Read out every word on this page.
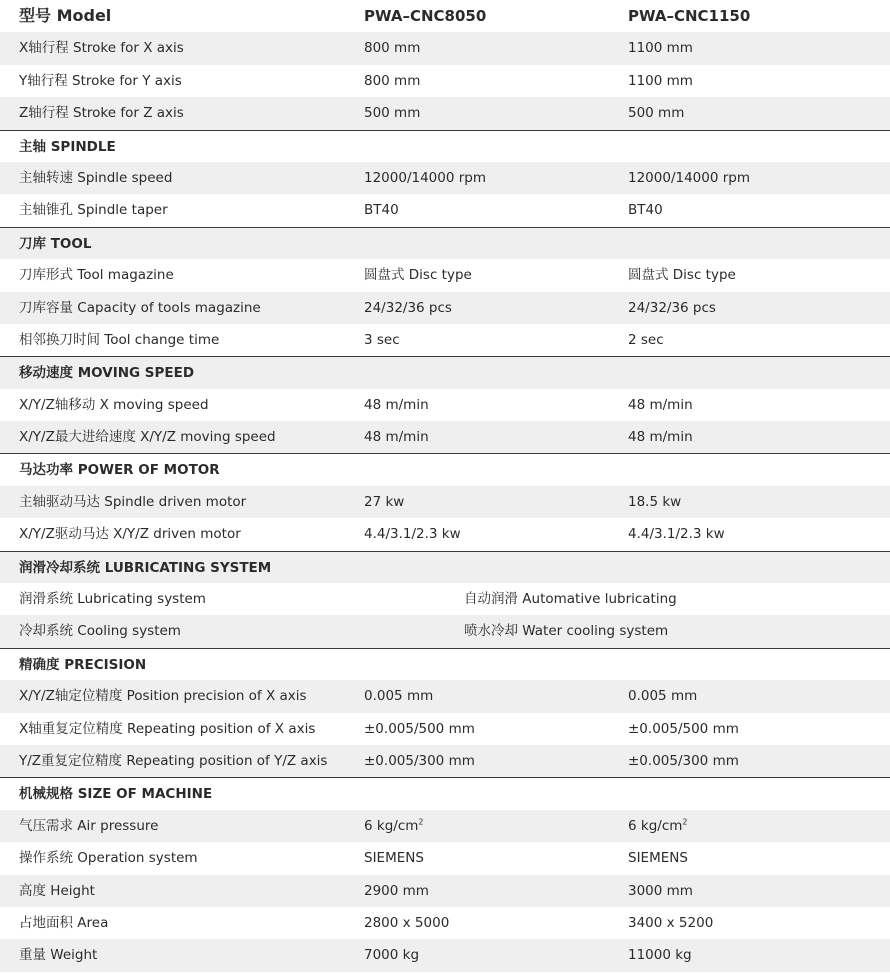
型号 Model	PWA–CNC8050	PWA–CNC1150
X轴行程 Stroke for X axis	800 mm	1100 mm
Y轴行程 Stroke for Y axis	800 mm	1100 mm
Z轴行程 Stroke for Z axis	500 mm	500 mm
主轴 SPINDLE
主轴转速 Spindle speed	12000/14000 rpm	12000/14000 rpm
主轴锥孔 Spindle taper	BT40	BT40
刀库 TOOL
刀库形式 Tool magazine	圆盘式 Disc type	圆盘式 Disc type
刀库容量 Capacity of tools magazine	24/32/36 pcs	24/32/36 pcs
相邻换刀时间 Tool change time	3 sec	2 sec
移动速度 MOVING SPEED
X/Y/Z轴移动 X moving speed	48 m/min	48 m/min
X/Y/Z最大进给速度 X/Y/Z moving speed	48 m/min	48 m/min
马达功率 POWER OF MOTOR
主轴驱动马达 Spindle driven motor	27 kw	18.5 kw
X/Y/Z驱动马达 X/Y/Z driven motor	4.4/3.1/2.3 kw	4.4/3.1/2.3 kw
润滑冷却系统 LUBRICATING SYSTEM
润滑系统 Lubricating system	自动润滑 Automative lubricating
冷却系统 Cooling system	喷水冷却 Water cooling system
精确度 PRECISION
X/Y/Z轴定位精度 Position precision of X axis	0.005 mm	0.005 mm
X轴重复定位精度 Repeating position of X axis	±0.005/500 mm	±0.005/500 mm
Y/Z重复定位精度 Repeating position of Y/Z axis	±0.005/300 mm	±0.005/300 mm
机械规格 SIZE OF MACHINE
气压需求 Air pressure	6 $kg/cm^2$	6 $kg/cm^2$
操作系统 Operation system	SIEMENS	SIEMENS
高度 Height	2900 mm	3000 mm
占地面积 Area	2800 x 5000	3400 x 5200
重量 Weight	7000 kg	11000 kg
